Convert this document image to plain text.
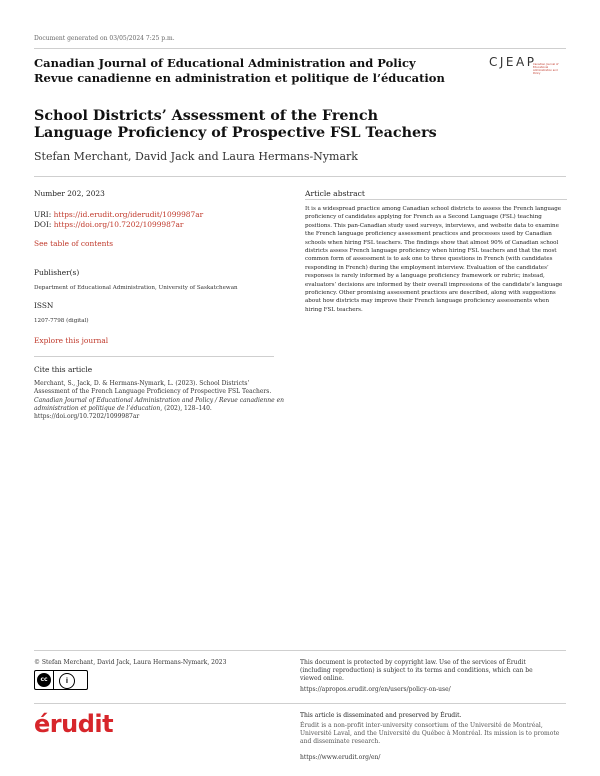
Document generated on 03/05/2024 7:25 p.m.
Canadian Journal of Educational Administration and Policy
Revue canadienne en administration et politique de l’éducation
CJEAP
Canadian Journal of Educational Administration and Policy
School Districts’ Assessment of the French Language Proficiency of Prospective FSL Teachers
Stefan Merchant, David Jack and Laura Hermans-Nymark
Number 202, 2023
URI: https://id.erudit.org/iderudit/1099987ar
DOI: https://doi.org/10.7202/1099987ar
See table of contents
Publisher(s)
Department of Educational Administration, University of Saskatchewan
ISSN
1207-7798 (digital)
Explore this journal
Cite this article
Merchant, S., Jack, D. & Hermans-Nymark, L. (2023). School Districts’ Assessment of the French Language Proficiency of Prospective FSL Teachers. Canadian Journal of Educational Administration and Policy / Revue canadienne en administration et politique de l’éducation, (202), 128–140. https://doi.org/10.7202/1099987ar
Article abstract
It is a widespread practice among Canadian school districts to assess the French language proficiency of candidates applying for French as a Second Language (FSL) teaching positions. This pan-Canadian study used surveys, interviews, and website data to examine the French language proficiency assessment practices and processes used by Canadian schools when hiring FSL teachers. The findings show that almost 90% of Canadian school districts assess French language proficiency when hiring FSL teachers and that the most common form of assessment is to ask one to three questions in French (with candidates responding in French) during the employment interview. Evaluation of the candidates’ responses is rarely informed by a language proficiency framework or rubric; instead, evaluators’ decisions are informed by their overall impressions of the candidate’s language proficiency. Other promising assessment practices are described, along with suggestions about how districts may improve their French language proficiency assessments when hiring FSL teachers.
© Stefan Merchant, David Jack, Laura Hermans-Nymark, 2023
cc	i
This document is protected by copyright law. Use of the services of Érudit (including reproduction) is subject to its terms and conditions, which can be viewed online.
https://apropos.erudit.org/en/users/policy-on-use/
érudit	This article is disseminated and preserved by Érudit.
Érudit is a non-profit inter-university consortium of the Université de Montréal, Université Laval, and the Université du Québec à Montréal. Its mission is to promote and disseminate research.
https://www.erudit.org/en/
